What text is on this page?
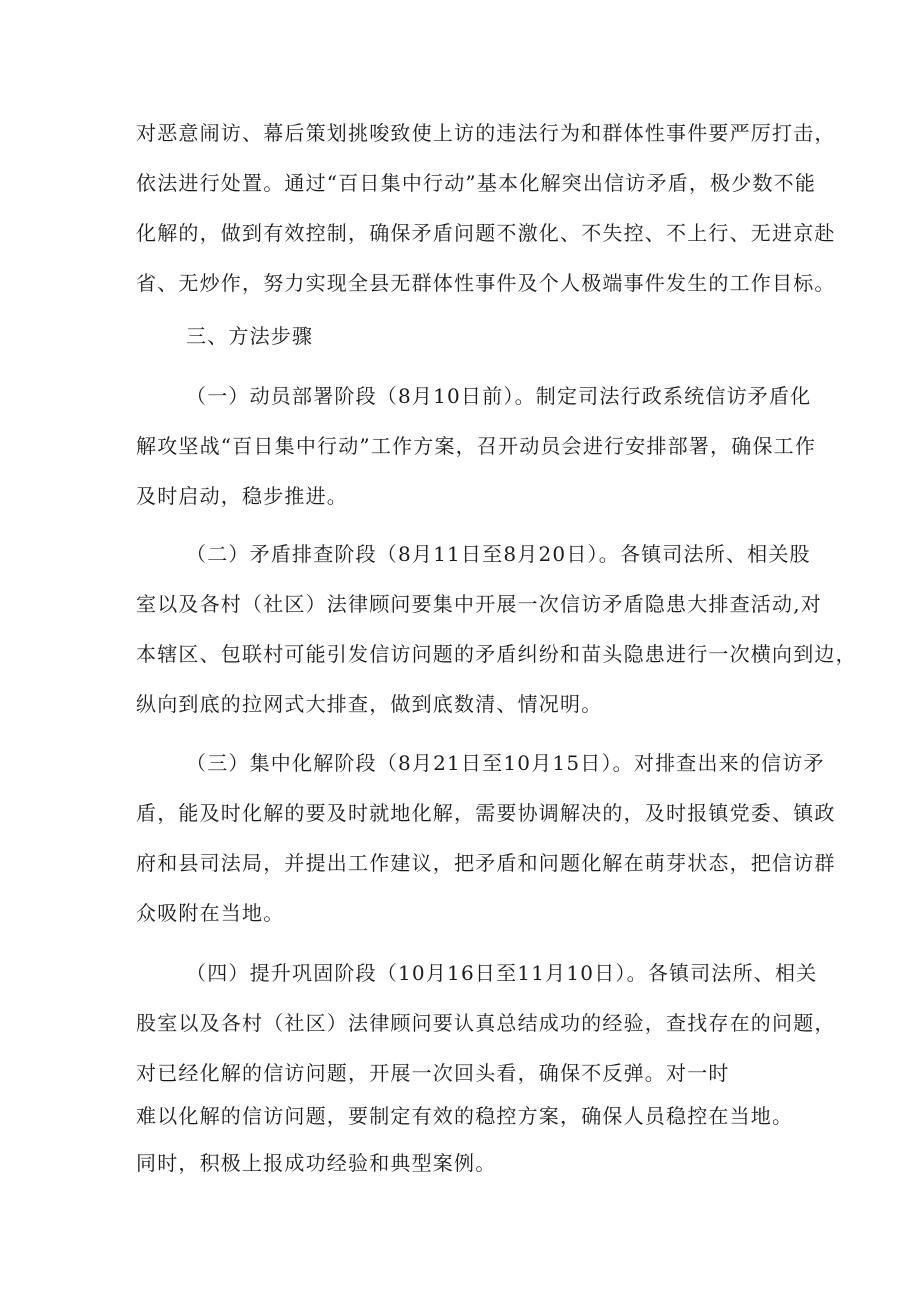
对恶意闹访、幕后策划挑唆致使上访的违法行为和群体性事件要严厉打击，
依法进行处置。通过“百日集中行动”基本化解突出信访矛盾，极少数不能
化解的，做到有效控制，确保矛盾问题不激化、不失控、不上行、无进京赴
省、无炒作，努力实现全县无群体性事件及个人极端事件发生的工作目标。
三、方法步骤
（一）动员部署阶段（8月10日前）。制定司法行政系统信访矛盾化
解攻坚战“百日集中行动”工作方案，召开动员会进行安排部署，确保工作
及时启动，稳步推进。
（二）矛盾排查阶段（8月11日至8月20日）。各镇司法所、相关股
室以及各村（社区）法律顾问要集中开展一次信访矛盾隐患大排查活动,对
本辖区、包联村可能引发信访问题的矛盾纠纷和苗头隐患进行一次横向到边，
纵向到底的拉网式大排查，做到底数清、情况明。
（三）集中化解阶段（8月21日至10月15日）。对排查出来的信访矛
盾，能及时化解的要及时就地化解，需要协调解决的，及时报镇党委、镇政
府和县司法局，并提出工作建议，把矛盾和问题化解在萌芽状态，把信访群
众吸附在当地。
（四）提升巩固阶段（10月16日至11月10日）。各镇司法所、相关
股室以及各村（社区）法律顾问要认真总结成功的经验，查找存在的问题，
对已经化解的信访问题，开展一次回头看，确保不反弹。对一时
难以化解的信访问题，要制定有效的稳控方案，确保人员稳控在当地。
同时，积极上报成功经验和典型案例。
